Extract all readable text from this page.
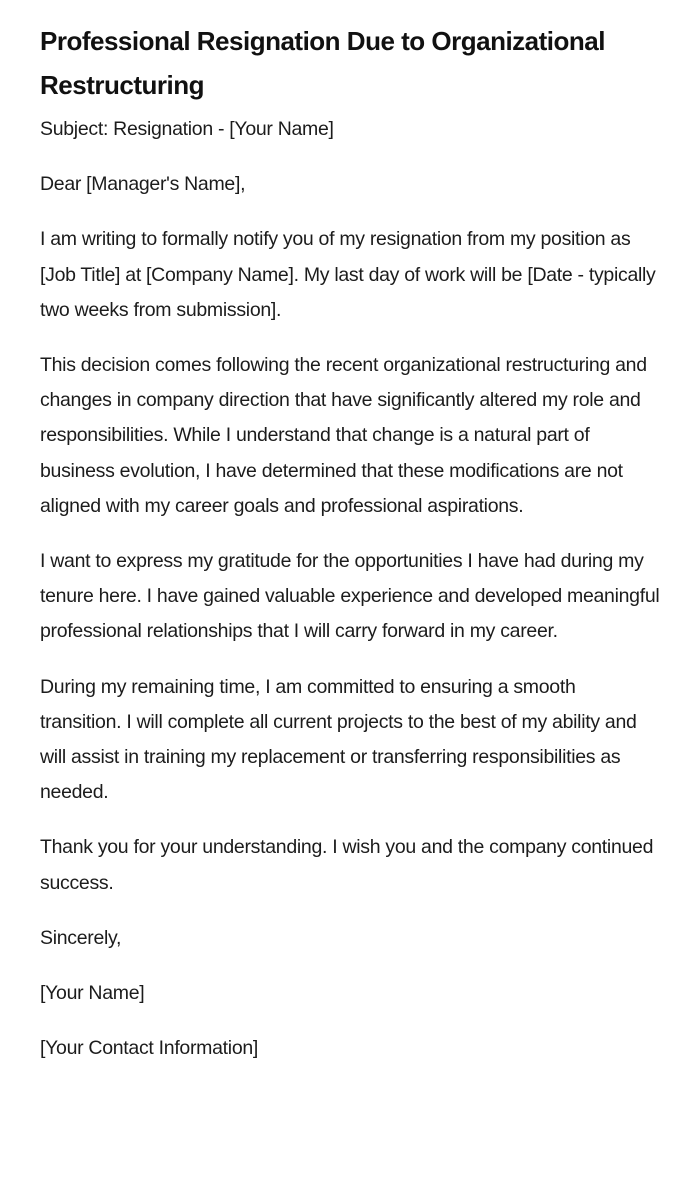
Professional Resignation Due to Organizational Restructuring

Subject: Resignation - [Your Name]

Dear [Manager's Name],

I am writing to formally notify you of my resignation from my position as [Job Title] at [Company Name]. My last day of work will be [Date - typically two weeks from submission].

This decision comes following the recent organizational restructuring and changes in company direction that have significantly altered my role and responsibilities. While I understand that change is a natural part of business evolution, I have determined that these modifications are not aligned with my career goals and professional aspirations.

I want to express my gratitude for the opportunities I have had during my tenure here. I have gained valuable experience and developed meaningful professional relationships that I will carry forward in my career.

During my remaining time, I am committed to ensuring a smooth transition. I will complete all current projects to the best of my ability and will assist in training my replacement or transferring responsibilities as needed.

Thank you for your understanding. I wish you and the company continued success.

Sincerely,

[Your Name]

[Your Contact Information]
